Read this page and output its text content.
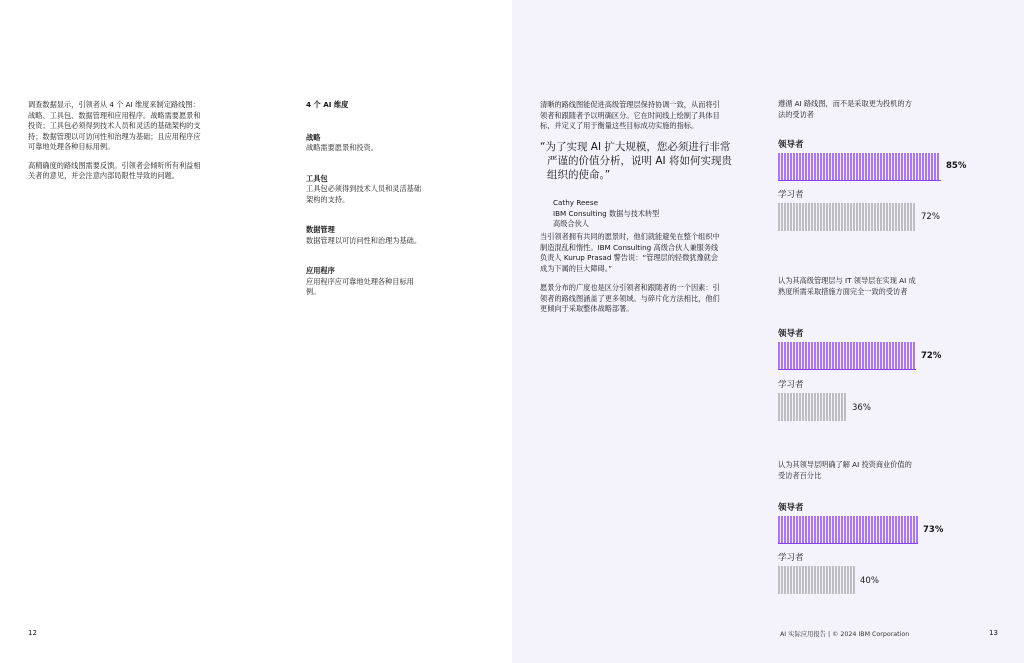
调查数据显示，引领者从 4 个 AI 维度来制定路线图：战略、工具包、数据管理和应用程序。战略需要愿景和投资；工具包必须得到技术人员和灵活的基础架构的支持；数据管理以可访问性和治理为基础；且应用程序应可靠地处理各种目标用例。

高精确度的路线图需要反馈。引领者会倾听所有利益相关者的意见，并会注意内部局限性导致的问题。

4 个 AI 维度
战略
战略需要愿景和投资。
工具包
工具包必须得到技术人员和灵活基础架构的支持。
数据管理
数据管理以可访问性和治理为基础。
应用程序
应用程序应可靠地处理各种目标用例。
12
清晰的路线图能促进高级管理层保持协调一致，从而将引领者和跟随者予以明确区分。它在时间线上绘制了具体目标，并定义了用于衡量这些目标成功实施的指标。

“为了实现 AI 扩大规模，您必须进行非常严谨的价值分析，说明 AI 将如何实现贵组织的使命。”

Cathy Reese
IBM Consulting 数据与技术转型
高级合伙人
当引领者拥有共同的愿景时，他们就能避免在整个组织中制造混乱和惰性。IBM Consulting 高级合伙人兼服务线负责人 Kurup Prasad 警告说：“管理层的轻微犹豫就会成为下属的巨大障碍。”
愿景分布的广度也是区分引领者和跟随者的一个因素：引领者的路线图涵盖了更多领域。与碎片化方法相比，他们更倾向于采取整体战略部署。
遵循 AI 路线图，而不是采取更为投机的方法的受访者
领导者
85%
学习者
72%
认为其高级管理层与 IT 领导层在实现 AI 成熟度所需采取措施方面完全一致的受访者
领导者
72%
学习者
36%
认为其领导层明确了解 AI 投资商业价值的受访者百分比
领导者
73%
学习者
40%
AI 实际应用报告 | © 2024 IBM Corporation	13
